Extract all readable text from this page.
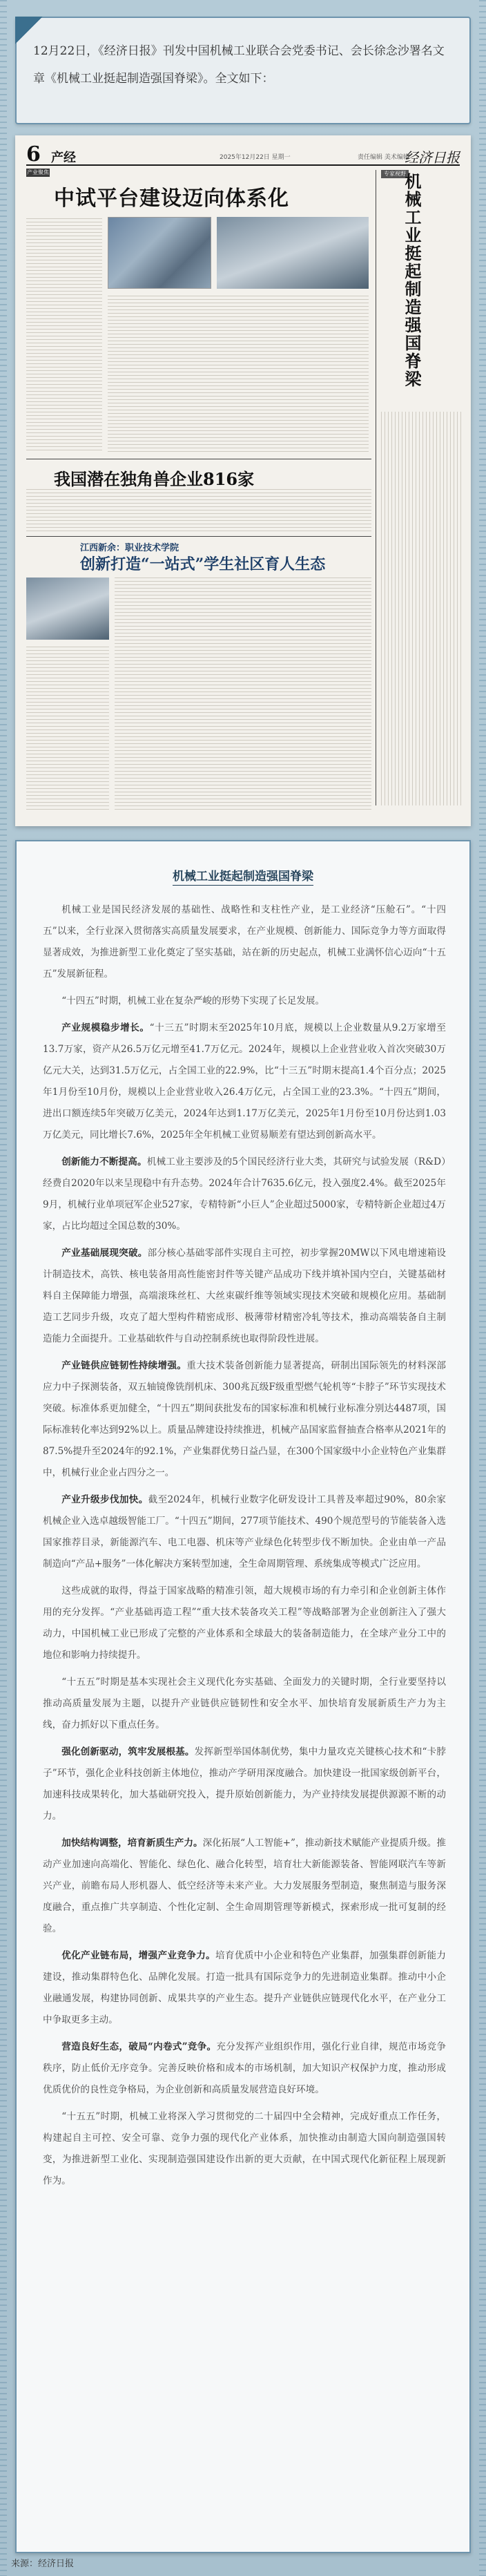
12月22日，《经济日报》刊发中国机械工业联合会党委书记、会长徐念沙署名文章《机械工业挺起制造强国脊梁》。全文如下：

6 产经	2025年12月22日 星期一	责任编辑 美术编辑
经济日报
产业聚焦
中试平台建设迈向体系化
专家视野
机械工业挺起制造强国脊梁
我国潜在独角兽企业816家
江西新余：职业技术学院
创新打造“一站式”学生社区育人生态
机械工业挺起制造强国脊梁

机械工业是国民经济发展的基础性、战略性和支柱性产业，是工业经济“压舱石”。“十四五”以来，全行业深入贯彻落实高质量发展要求，在产业规模、创新能力、国际竞争力等方面取得显著成效，为推进新型工业化奠定了坚实基础，站在新的历史起点，机械工业满怀信心迈向“十五五”发展新征程。

“十四五”时期，机械工业在复杂严峻的形势下实现了长足发展。

产业规模稳步增长。“十三五”时期末至2025年10月底，规模以上企业数量从9.2万家增至13.7万家，资产从26.5万亿元增至41.7万亿元。2024年，规模以上企业营业收入首次突破30万亿元大关，达到31.5万亿元，占全国工业的22.9%，比“十三五”时期末提高1.4个百分点；2025年1月份至10月份，规模以上企业营业收入26.4万亿元，占全国工业的23.3%。“十四五”期间，进出口额连续5年突破万亿美元，2024年达到1.17万亿美元，2025年1月份至10月份达到1.03万亿美元，同比增长7.6%，2025年全年机械工业贸易顺差有望达到创新高水平。

创新能力不断提高。机械工业主要涉及的5个国民经济行业大类，其研究与试验发展（R&D）经费自2020年以来呈现稳中有升态势。2024年合计7635.6亿元，投入强度2.4%。截至2025年9月，机械行业单项冠军企业527家，专精特新“小巨人”企业超过5000家，专精特新企业超过4万家，占比均超过全国总数的30%。

产业基础展现突破。部分核心基础零部件实现自主可控，初步掌握20MW以下风电增速箱设计制造技术，高铁、核电装备用高性能密封件等关键产品成功下线并填补国内空白，关键基础材料自主保障能力增强，高端滚珠丝杠、大丝束碳纤维等领域实现技术突破和规模化应用。基础制造工艺同步升级，攻克了超大型构件精密成形、极薄带材精密冷轧等技术，推动高端装备自主制造能力全面提升。工业基础软件与自动控制系统也取得阶段性进展。

产业链供应链韧性持续增强。重大技术装备创新能力显著提高，研制出国际领先的材料深部应力中子探测装备，双五轴镜像铣削机床、300兆瓦级F级重型燃气轮机等“卡脖子”环节实现技术突破。标准体系更加健全，“十四五”期间获批发布的国家标准和机械行业标准分别达4487项，国际标准转化率达到92%以上。质量品牌建设持续推进，机械产品国家监督抽查合格率从2021年的87.5%提升至2024年的92.1%，产业集群优势日益凸显，在300个国家级中小企业特色产业集群中，机械行业企业占四分之一。

产业升级步伐加快。截至2024年，机械行业数字化研发设计工具普及率超过90%，80余家机械企业入选卓越级智能工厂。“十四五”期间，277项节能技术、490个规范型号的节能装备入选国家推荐目录，新能源汽车、电工电器、机床等产业绿色化转型步伐不断加快。企业由单一产品制造向“产品+服务”一体化解决方案转型加速，全生命周期管理、系统集成等模式广泛应用。

这些成就的取得，得益于国家战略的精准引领，超大规模市场的有力牵引和企业创新主体作用的充分发挥。“产业基础再造工程”“重大技术装备攻关工程”等战略部署为企业创新注入了强大动力，中国机械工业已形成了完整的产业体系和全球最大的装备制造能力，在全球产业分工中的地位和影响力持续提升。

“十五五”时期是基本实现社会主义现代化夯实基础、全面发力的关键时期，全行业要坚持以推动高质量发展为主题，以提升产业链供应链韧性和安全水平、加快培育发展新质生产力为主线，奋力抓好以下重点任务。

强化创新驱动，筑牢发展根基。发挥新型举国体制优势，集中力量攻克关键核心技术和“卡脖子”环节，强化企业科技创新主体地位，推动产学研用深度融合。加快建设一批国家级创新平台，加速科技成果转化，加大基础研究投入，提升原始创新能力，为产业持续发展提供源源不断的动力。

加快结构调整，培育新质生产力。深化拓展“人工智能+”，推动新技术赋能产业提质升级。推动产业加速向高端化、智能化、绿色化、融合化转型，培育壮大新能源装备、智能网联汽车等新兴产业，前瞻布局人形机器人、低空经济等未来产业。大力发展服务型制造，聚焦制造与服务深度融合，重点推广共享制造、个性化定制、全生命周期管理等新模式，探索形成一批可复制的经验。

优化产业链布局，增强产业竞争力。培育优质中小企业和特色产业集群，加强集群创新能力建设，推动集群特色化、品牌化发展。打造一批具有国际竞争力的先进制造业集群。推动中小企业融通发展，构建协同创新、成果共享的产业生态。提升产业链供应链现代化水平，在产业分工中争取更多主动。

营造良好生态，破局“内卷式”竞争。充分发挥产业组织作用，强化行业自律，规范市场竞争秩序，防止低价无序竞争。完善反映价格和成本的市场机制，加大知识产权保护力度，推动形成优质优价的良性竞争格局，为企业创新和高质量发展营造良好环境。

“十五五”时期，机械工业将深入学习贯彻党的二十届四中全会精神，完成好重点工作任务，构建起自主可控、安全可靠、竞争力强的现代化产业体系，加快推动由制造大国向制造强国转变，为推进新型工业化、实现制造强国建设作出新的更大贡献，在中国式现代化新征程上展现新作为。

来源：经济日报
